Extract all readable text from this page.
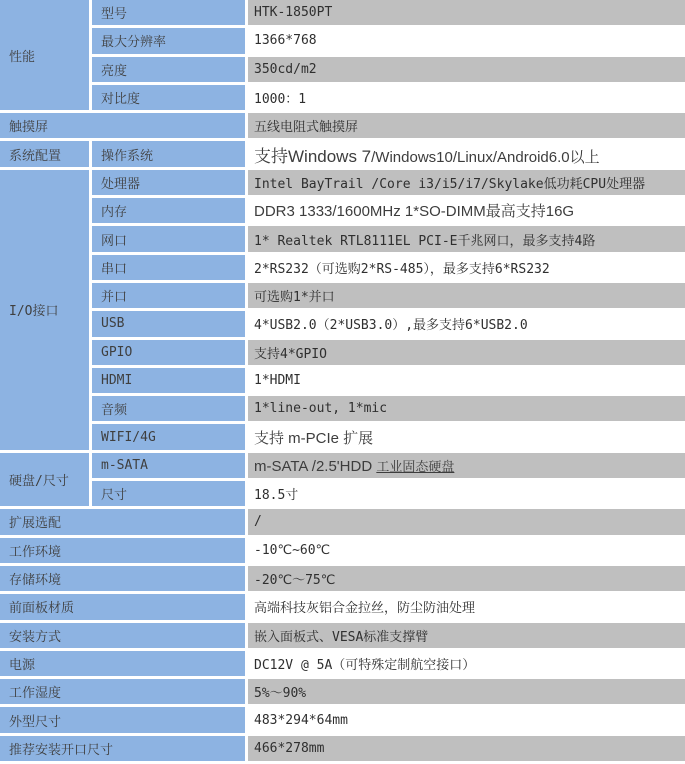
性能	型号	HTK-1850PT
	最大分辨率	1366*768
	亮度	350cd/m2
	对比度	1000：1
触摸屏		五线电阻式触摸屏
系统配置	操作系统	支持Windows 7/Windows10/Linux/Android6.0以上
I/O接口	处理器	Intel BayTrail /Core i3/i5/i7/Skylake低功耗CPU处理器
	内存	DDR3 1333/1600MHz 1*SO-DIMM最高支持16G
	网口	1* Realtek RTL8111EL PCI-E千兆网口，最多支持4路
	串口	2*RS232（可选购2*RS-485），最多支持6*RS232
	并口	可选购1*并口
	USB	4*USB2.0（2*USB3.0）,最多支持6*USB2.0
	GPIO	支持4*GPIO
	HDMI	1*HDMI
	音频	1*line-out, 1*mic
	WIFI/4G	支持 m-PCIe 扩展
硬盘/尺寸	m-SATA	m-SATA /2.5'HDD 工业固态硬盘
	尺寸	18.5寸
扩展选配		/
工作环境		-10℃~60℃
存储环境		-20℃～75℃
前面板材质		高端科技灰铝合金拉丝，防尘防油处理
安装方式		嵌入面板式、VESA标准支撑臂
电源		DC12V @ 5A（可特殊定制航空接口）
工作湿度		5%～90%
外型尺寸		483*294*64mm
推荐安装开口尺寸		466*278mm
